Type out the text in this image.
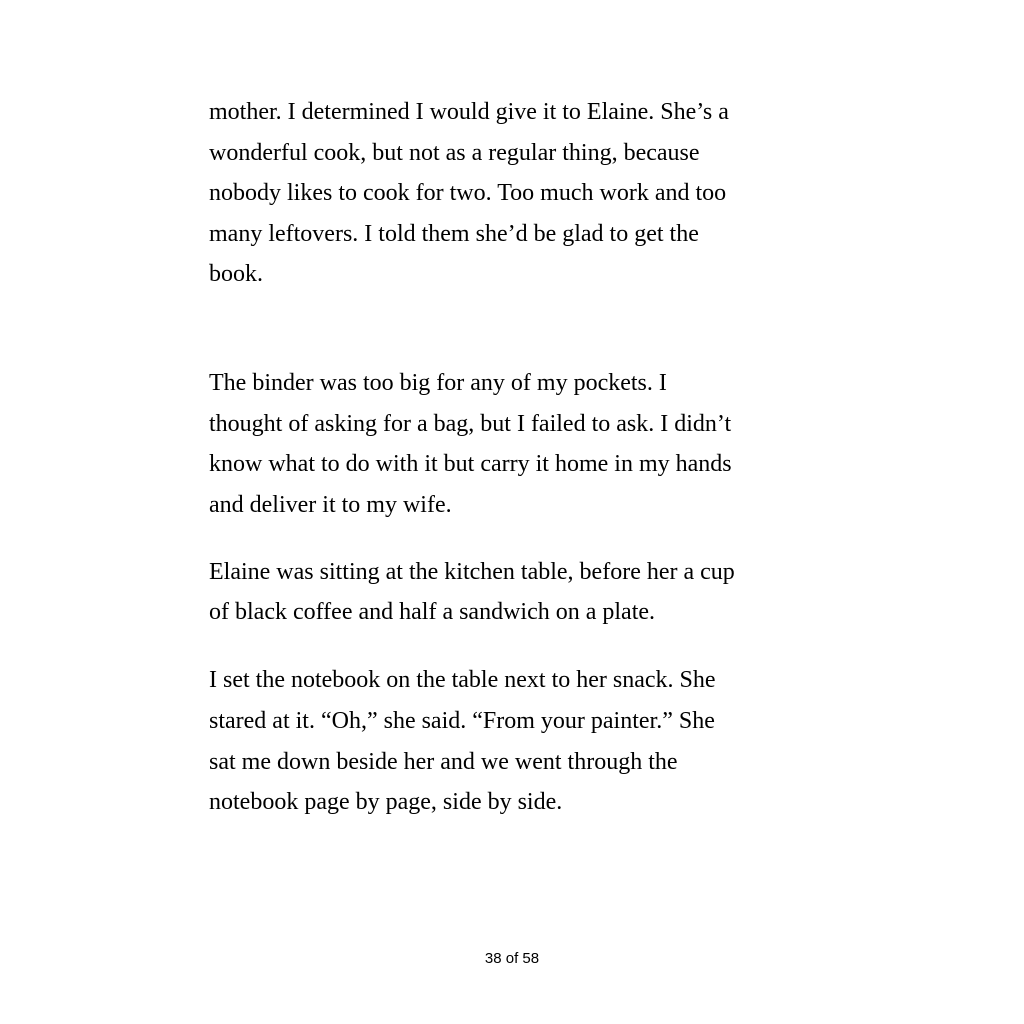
mother. I determined I would give it to Elaine. She’s a
wonderful cook, but not as a regular thing, because
nobody likes to cook for two. Too much work and too
many leftovers. I told them she’d be glad to get the
book.

The binder was too big for any of my pockets. I
thought of asking for a bag, but I failed to ask. I didn’t
know what to do with it but carry it home in my hands
and deliver it to my wife.

Elaine was sitting at the kitchen table, before her a cup
of black coffee and half a sandwich on a plate.

I set the notebook on the table next to her snack. She
stared at it. “Oh,” she said. “From your painter.” She
sat me down beside her and we went through the
notebook page by page, side by side.

38 of 58
